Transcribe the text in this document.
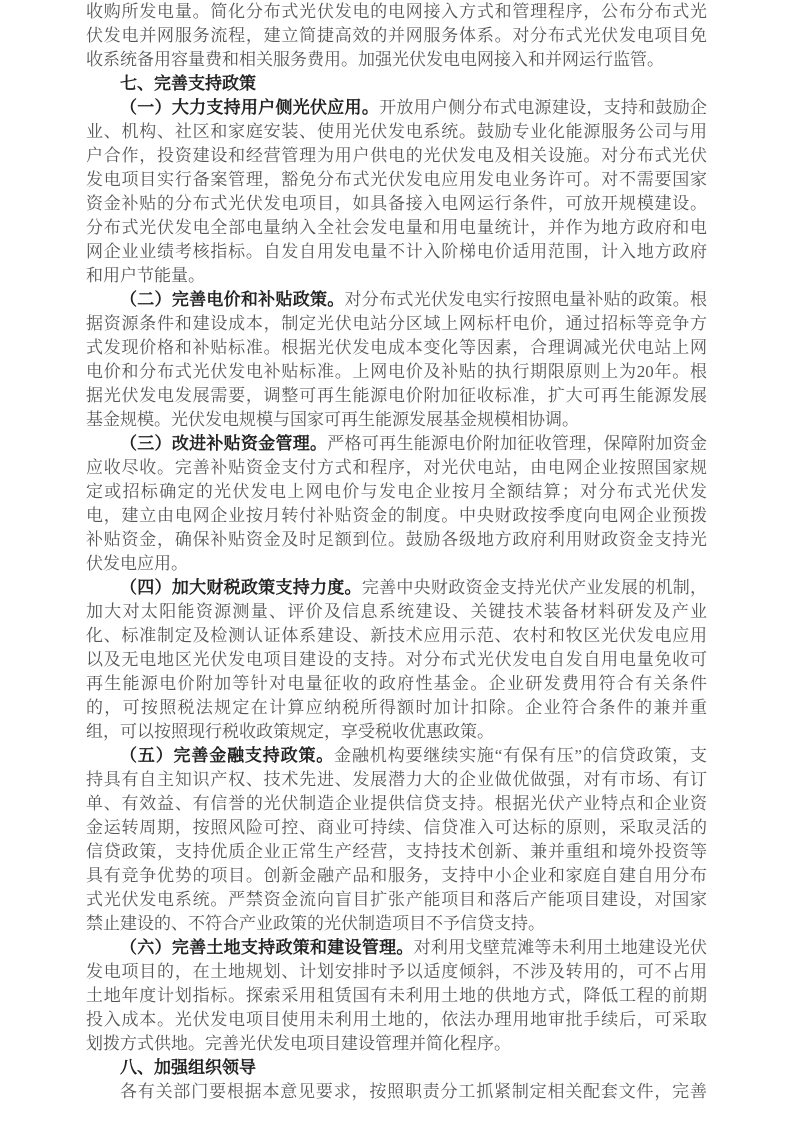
收购所发电量。简化分布式光伏发电的电网接入方式和管理程序，公布分布式光
伏发电并网服务流程，建立简捷高效的并网服务体系。对分布式光伏发电项目免
收系统备用容量费和相关服务费用。加强光伏发电电网接入和并网运行监管。
七、完善支持政策
（一）大力支持用户侧光伏应用。开放用户侧分布式电源建设，支持和鼓励企
业、机构、社区和家庭安装、使用光伏发电系统。鼓励专业化能源服务公司与用
户合作，投资建设和经营管理为用户供电的光伏发电及相关设施。对分布式光伏
发电项目实行备案管理，豁免分布式光伏发电应用发电业务许可。对不需要国家
资金补贴的分布式光伏发电项目，如具备接入电网运行条件，可放开规模建设。
分布式光伏发电全部电量纳入全社会发电量和用电量统计，并作为地方政府和电
网企业业绩考核指标。自发自用发电量不计入阶梯电价适用范围，计入地方政府
和用户节能量。
（二）完善电价和补贴政策。对分布式光伏发电实行按照电量补贴的政策。根
据资源条件和建设成本，制定光伏电站分区域上网标杆电价，通过招标等竞争方
式发现价格和补贴标准。根据光伏发电成本变化等因素，合理调减光伏电站上网
电价和分布式光伏发电补贴标准。上网电价及补贴的执行期限原则上为20年。根
据光伏发电发展需要，调整可再生能源电价附加征收标准，扩大可再生能源发展
基金规模。光伏发电规模与国家可再生能源发展基金规模相协调。
（三）改进补贴资金管理。严格可再生能源电价附加征收管理，保障附加资金
应收尽收。完善补贴资金支付方式和程序，对光伏电站，由电网企业按照国家规
定或招标确定的光伏发电上网电价与发电企业按月全额结算；对分布式光伏发
电，建立由电网企业按月转付补贴资金的制度。中央财政按季度向电网企业预拨
补贴资金，确保补贴资金及时足额到位。鼓励各级地方政府利用财政资金支持光
伏发电应用。
（四）加大财税政策支持力度。完善中央财政资金支持光伏产业发展的机制，
加大对太阳能资源测量、评价及信息系统建设、关键技术装备材料研发及产业
化、标准制定及检测认证体系建设、新技术应用示范、农村和牧区光伏发电应用
以及无电地区光伏发电项目建设的支持。对分布式光伏发电自发自用电量免收可
再生能源电价附加等针对电量征收的政府性基金。企业研发费用符合有关条件
的，可按照税法规定在计算应纳税所得额时加计扣除。企业符合条件的兼并重
组，可以按照现行税收政策规定，享受税收优惠政策。
（五）完善金融支持政策。金融机构要继续实施“有保有压”的信贷政策，支
持具有自主知识产权、技术先进、发展潜力大的企业做优做强，对有市场、有订
单、有效益、有信誉的光伏制造企业提供信贷支持。根据光伏产业特点和企业资
金运转周期，按照风险可控、商业可持续、信贷准入可达标的原则，采取灵活的
信贷政策，支持优质企业正常生产经营，支持技术创新、兼并重组和境外投资等
具有竞争优势的项目。创新金融产品和服务，支持中小企业和家庭自建自用分布
式光伏发电系统。严禁资金流向盲目扩张产能项目和落后产能项目建设，对国家
禁止建设的、不符合产业政策的光伏制造项目不予信贷支持。
（六）完善土地支持政策和建设管理。对利用戈壁荒滩等未利用土地建设光伏
发电项目的，在土地规划、计划安排时予以适度倾斜，不涉及转用的，可不占用
土地年度计划指标。探索采用租赁国有未利用土地的供地方式，降低工程的前期
投入成本。光伏发电项目使用未利用土地的，依法办理用地审批手续后，可采取
划拨方式供地。完善光伏发电项目建设管理并简化程序。
八、加强组织领导
各有关部门要根据本意见要求，按照职责分工抓紧制定相关配套文件，完善
